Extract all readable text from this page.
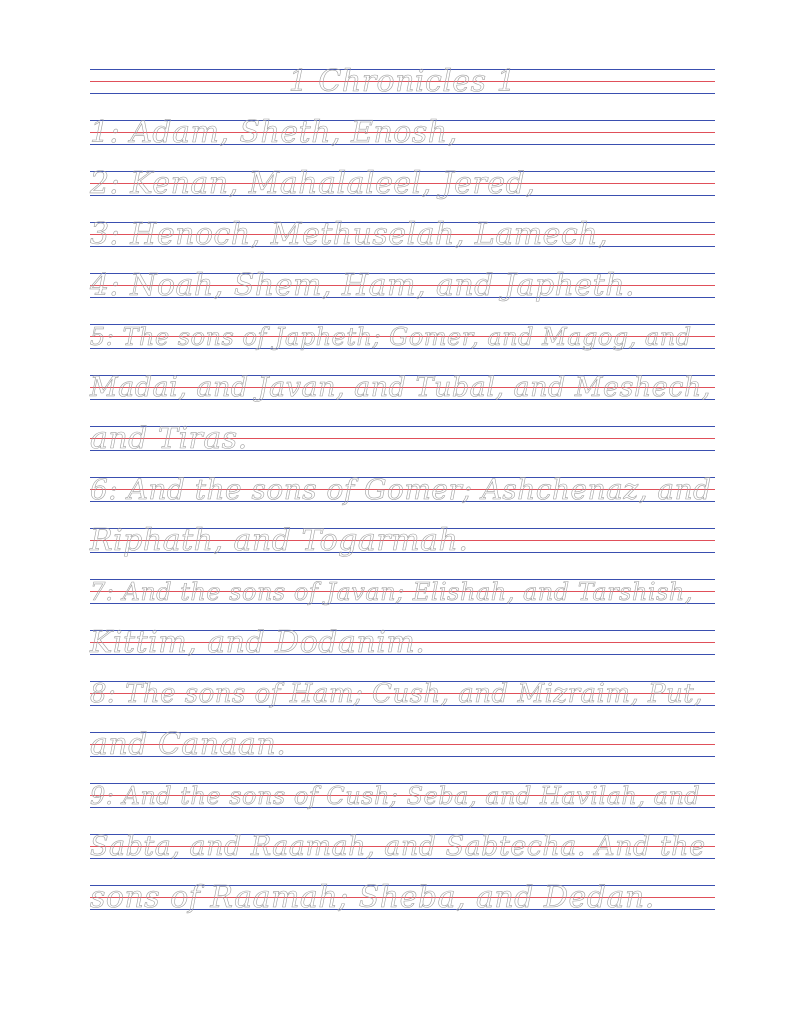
1 Chronicles 1
1: Adam, Sheth, Enosh,
2: Kenan, Mahalaleel, Jered,
3: Henoch, Methuselah, Lamech,
4: Noah, Shem, Ham, and Japheth.
5: The sons of Japheth; Gomer, and Magog, and
Madai, and Javan, and Tubal, and Meshech,
and Tiras.
6: And the sons of Gomer; Ashchenaz, and
Riphath, and Togarmah.
7: And the sons of Javan; Elishah, and Tarshish,
Kittim, and Dodanim.
8: The sons of Ham; Cush, and Mizraim, Put,
and Canaan.
9: And the sons of Cush; Seba, and Havilah, and
Sabta, and Raamah, and Sabtecha. And the
sons of Raamah; Sheba, and Dedan.
